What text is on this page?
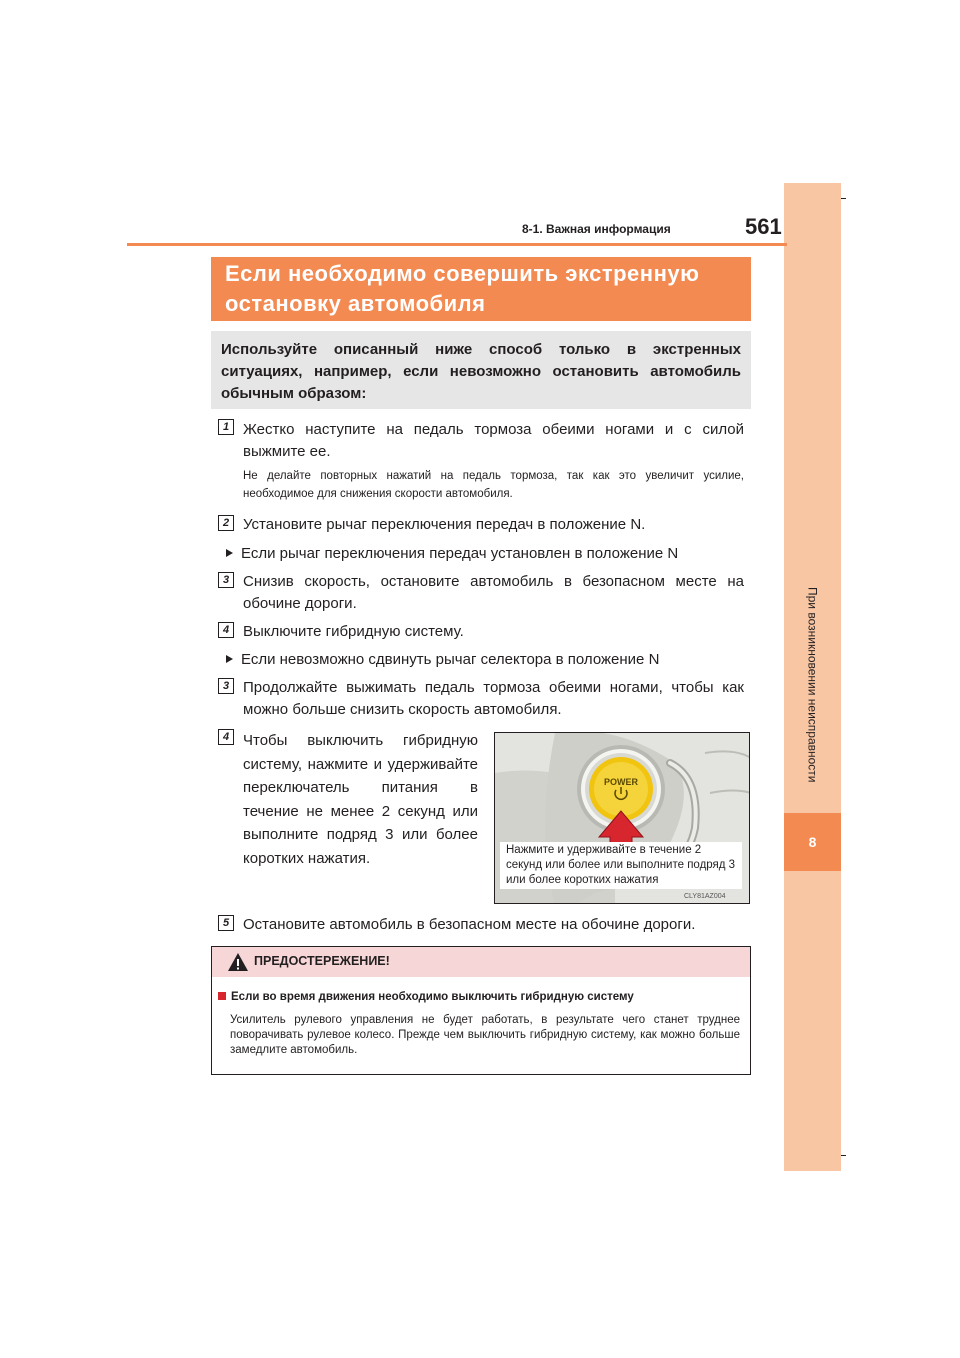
При возникновении неисправности
8
8-1. Важная информация	561
Если необходимо совершить экстренную
остановку автомобиля
Используйте описанный ниже способ только в экстренных ситуациях, например, если невозможно остановить автомобиль обычным образом:
1 Жестко наступите на педаль тормоза обеими ногами и с силой выжмите ее.
Не делайте повторных нажатий на педаль тормоза, так как это увеличит усилие, необходимое для снижения скорости автомобиля.
2 Установите рычаг переключения передач в положение N.
Если рычаг переключения передач установлен в положение N
3 Снизив скорость, остановите автомобиль в безопасном месте на обочине дороги.
4 Выключите гибридную систему.
Если невозможно сдвинуть рычаг селектора в положение N
3 Продолжайте выжимать педаль тормоза обеими ногами, чтобы как можно больше снизить скорость автомобиля.
4 Чтобы выключить гибридную систему, нажмите и удерживайте переключатель питания в течение не менее 2 секунд или выполните подряд 3 или более коротких нажатия.
POWER
Нажмите и удерживайте в течение 2 секунд или более или выполните подряд 3 или более коротких нажатия
CLY81AZ004
5 Остановите автомобиль в безопасном месте на обочине дороги.
ПРЕДОСТЕРЕЖЕНИЕ!
Если во время движения необходимо выключить гибридную систему
Усилитель рулевого управления не будет работать, в результате чего станет труднее поворачивать рулевое колесо. Прежде чем выключить гибридную систему, как можно больше замедлите автомобиль.
